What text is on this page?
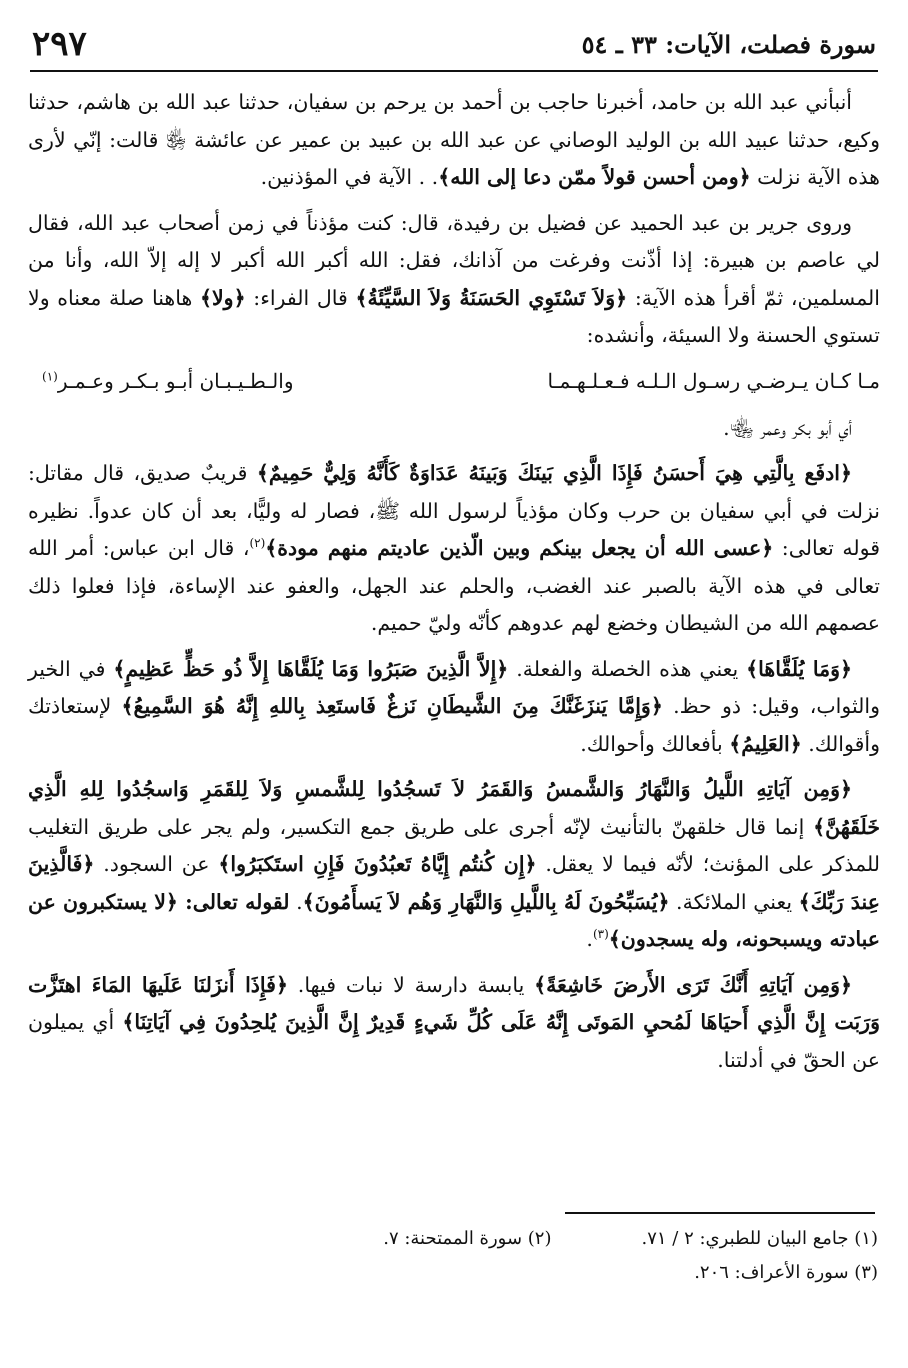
سورة فصلت، الآيات: ٣٣ ـ ٥٤
٢٩٧

أنبأني عبد الله بن حامد، أخبرنا حاجب بن أحمد بن يرحم بن سفيان، حدثنا عبد الله بن هاشم، حدثنا وكيع، حدثنا عبيد الله بن الوليد الوصاني عن عبد الله بن عبيد بن عمير عن عائشة ﵂ قالت: إنّي لأرى هذه الآية نزلت ﴿ومن أحسن قولاً ممّن دعا إلى الله﴾. . الآية في المؤذنين.

وروى جرير بن عبد الحميد عن فضيل بن رفيدة، قال: كنت مؤذناً في زمن أصحاب عبد الله، فقال لي عاصم بن هبيرة: إذا أذّنت وفرغت من آذانك، فقل: الله أكبر الله أكبر لا إله إلاّ الله، وأنا من المسلمين، ثمّ أقرأ هذه الآية: ﴿وَلاَ تَسْتَوِي الحَسَنَةُ وَلاَ السَّيِّئَةُ﴾ قال الفراء: ﴿ولا﴾ هاهنا صلة معناه ولا تستوي الحسنة ولا السيئة، وأنشده:

مـا كـان يـرضـي رسـول الـلـه فـعـلـهـمـا
والـطـيـبـان أبـو بـكـر وعـمـر$^{(١)}$

أي أبو بكر وعمر ﵄.

﴿ادفَع بِالَّتِي هِيَ أَحسَنُ فَإِذَا الَّذِي بَينَكَ وَبَينَهُ عَدَاوَةٌ كَأَنَّهُ وَلِيٌّ حَمِيمٌ﴾ قريبٌ صديق، قال مقاتل: نزلت في أبي سفيان بن حرب وكان مؤذياً لرسول الله ﷺ، فصار له وليًّا، بعد أن كان عدواً. نظيره قوله تعالى: ﴿عسى الله أن يجعل بينكم وبين الّذين عاديتم منهم مودة﴾$^{(٢)}$، قال ابن عباس: أمر الله تعالى في هذه الآية بالصبر عند الغضب، والحلم عند الجهل، والعفو عند الإساءة، فإذا فعلوا ذلك عصمهم الله من الشيطان وخضع لهم عدوهم كأنّه وليّ حميم.

﴿وَمَا يُلَقَّاهَا﴾ يعني هذه الخصلة والفعلة. ﴿إِلاَّ الَّذِينَ صَبَرُوا وَمَا يُلَقَّاهَا إِلاَّ ذُو حَظٍّ عَظِيمٍ﴾ في الخير والثواب، وقيل: ذو حظ. ﴿وَإِمَّا يَنزَغَنَّكَ مِنَ الشَّيطَانِ نَزغٌ فَاستَعِذ بِاللهِ إِنَّهُ هُوَ السَّمِيعُ﴾ لإستعاذتك وأقوالك. ﴿العَلِيمُ﴾ بأفعالك وأحوالك.

﴿وَمِن آيَاتِهِ اللَّيلُ وَالنَّهَارُ وَالشَّمسُ وَالقَمَرُ لاَ تَسجُدُوا لِلشَّمسِ وَلاَ لِلقَمَرِ وَاسجُدُوا لِلهِ الَّذِي خَلَقَهُنَّ﴾ إنما قال خلقهنّ بالتأنيث لإنّه أجرى على طريق جمع التكسير، ولم يجر على طريق التغليب للمذكر على المؤنث؛ لأنّه فيما لا يعقل. ﴿إِن كُنتُم إِيَّاهُ تَعبُدُونَ فَإِنِ استَكبَرُوا﴾ عن السجود. ﴿فَالَّذِينَ عِندَ رَبِّكَ﴾ يعني الملائكة. ﴿يُسَبِّحُونَ لَهُ بِاللَّيلِ وَالنَّهَارِ وَهُم لاَ يَسأَمُونَ﴾. لقوله تعالى: ﴿لا يستكبرون عن عبادته ويسبحونه، وله يسجدون﴾$^{(٣)}$.

﴿وَمِن آيَاتِهِ أَنَّكَ تَرَى الأَرضَ خَاشِعَةً﴾ يابسة دارسة لا نبات فيها. ﴿فَإِذَا أَنزَلنَا عَلَيهَا المَاءَ اهتَزَّت وَرَبَت إِنَّ الَّذِي أَحيَاهَا لَمُحيِ المَوتَى إِنَّهُ عَلَى كُلِّ شَيءٍ قَدِيرٌ إِنَّ الَّذِينَ يُلحِدُونَ فِي آيَاتِنَا﴾ أي يميلون عن الحقّ في أدلتنا.

(١) جامع البيان للطبري: ٢ / ٧١.
(٢) سورة الممتحنة: ٧.
(٣) سورة الأعراف: ٢٠٦.
